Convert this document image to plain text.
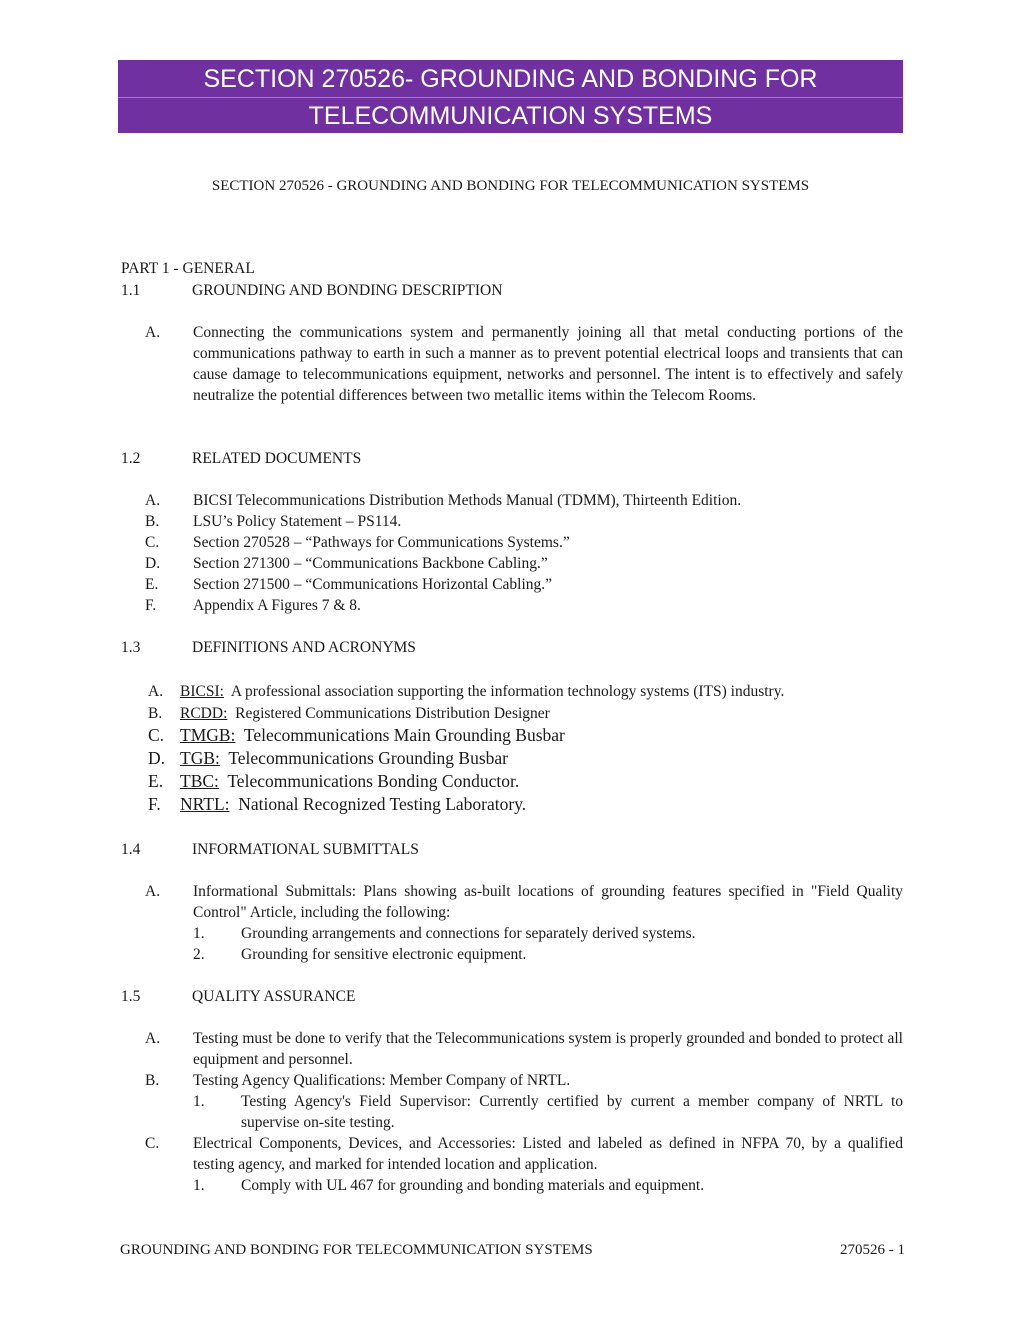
SECTION 270526- GROUNDING AND BONDING FOR
TELECOMMUNICATION SYSTEMS
SECTION 270526 - GROUNDING AND BONDING FOR TELECOMMUNICATION SYSTEMS
PART 1 - GENERAL
1.1	GROUNDING AND BONDING DESCRIPTION
A.	Connecting the communications system and permanently joining all that metal conducting portions of the communications pathway to earth in such a manner as to prevent potential electrical loops and transients that can cause damage to telecommunications equipment, networks and personnel. The intent is to effectively and safely neutralize the potential differences between two metallic items within the Telecom Rooms.
1.2	RELATED DOCUMENTS
A.	BICSI Telecommunications Distribution Methods Manual (TDMM), Thirteenth Edition.
B.	LSU’s Policy Statement – PS114.
C.	Section 270528 – “Pathways for Communications Systems.”
D.	Section 271300 – “Communications Backbone Cabling.”
E.	Section 271500 – “Communications Horizontal Cabling.”
F.	Appendix A Figures 7 & 8.
1.3	DEFINITIONS AND ACRONYMS
A. BICSI: A professional association supporting the information technology systems (ITS) industry.
B. RCDD: Registered Communications Distribution Designer
C. TMGB: Telecommunications Main Grounding Busbar
D. TGB: Telecommunications Grounding Busbar
E. TBC: Telecommunications Bonding Conductor.
F. NRTL: National Recognized Testing Laboratory.
1.4	INFORMATIONAL SUBMITTALS
A.	Informational Submittals: Plans showing as-built locations of grounding features specified in "Field Quality Control" Article, including the following:
1. Grounding arrangements and connections for separately derived systems.
2. Grounding for sensitive electronic equipment.
1.5	QUALITY ASSURANCE
A.	Testing must be done to verify that the Telecommunications system is properly grounded and bonded to protect all equipment and personnel.
B.	Testing Agency Qualifications: Member Company of NRTL.
1. Testing Agency's Field Supervisor: Currently certified by current a member company of NRTL to supervise on-site testing.
C.	Electrical Components, Devices, and Accessories: Listed and labeled as defined in NFPA 70, by a qualified testing agency, and marked for intended location and application.
1. Comply with UL 467 for grounding and bonding materials and equipment.
GROUNDING AND BONDING FOR TELECOMMUNICATION SYSTEMS	270526 - 1
